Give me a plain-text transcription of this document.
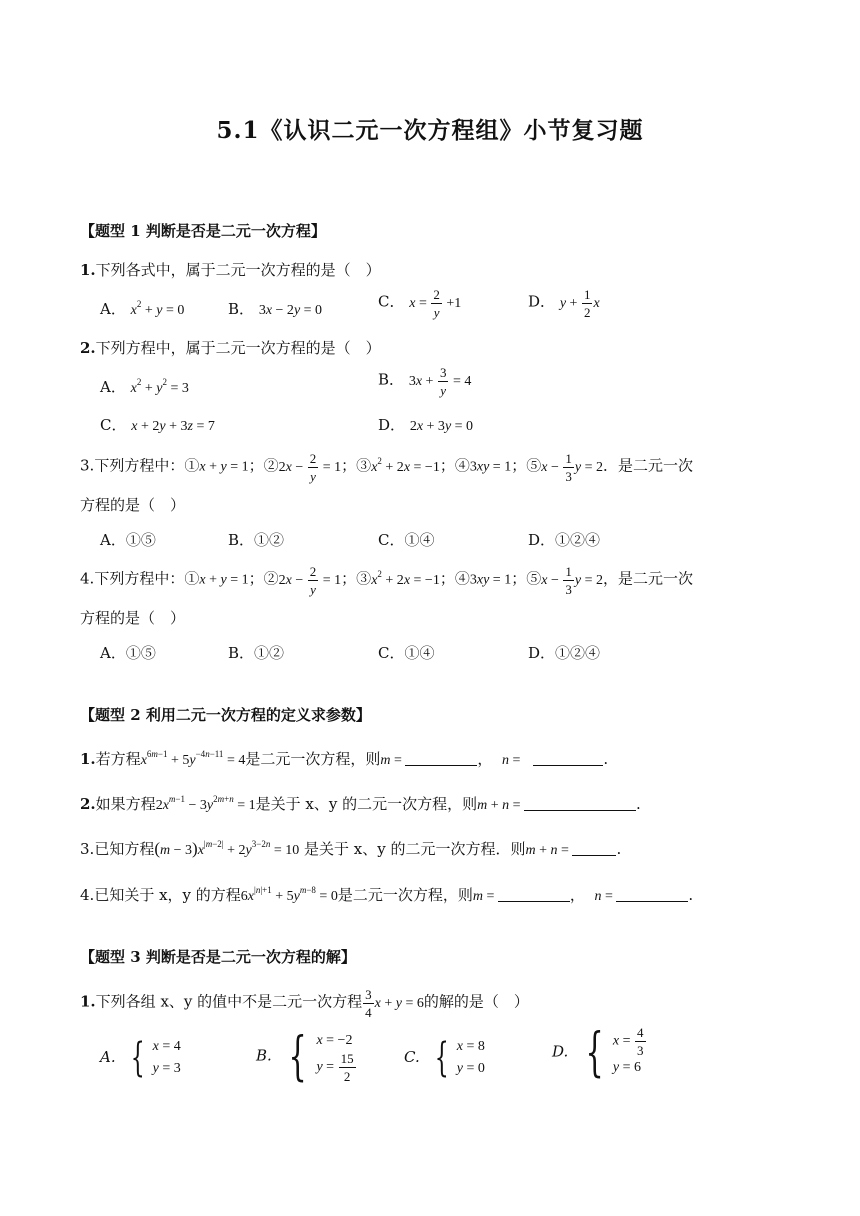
5.1《认识二元一次方程组》小节复习题
【题型 1 判断是否是二元一次方程】
1.下列各式中，属于二元一次方程的是（　）
A． $x^2 + y = 0$	B． 3x − 2y = 0	C． $x = \frac{2}{y} +1$	D． $y + \frac{1}{2}$ x
2.下列方程中，属于二元一次方程的是（　）
A． $x^2 + y^2 = 3$	B． $3x + \frac{3}{y} = 4$
C． x + 2y + 3z = 7	D． 2x + 3y = 0
3.下列方程中：①x + y = 1；②2x − $\frac{2}{y} = 1$；$③x^2 + 2x = -1$；④3xy = 1；⑤x − $\frac{1}{3}$ y = 2．是二元一次
方程的是（　）
A．①⑤	B．①②	C．①④	D．①②④
4.下列方程中：①x + y = 1；②2x − $\frac{2}{y} = 1$；$③x^2 + 2x = -1$；④3xy = 1；⑤x − $\frac{1}{3}$ y = 2，是二元一次
方程的是（　）
A．①⑤	B．①②	C．①④	D．①②④
【题型 2 利用二元一次方程的定义求参数】
1.若方程$x^{6m-1} + 5y^{-4n-11} = 4$是二元一次方程，则m =	， n =	.
2.如果方程$2x^{m-1} - 3y^{2m+n} = 1$是关于 x、y 的二元一次方程，则m + n =	.
3.已知方程$(m - 3)x^{|m-2|} + 2y^{3-2n} = 10$ 是关于 x、y 的二元一次方程．则m + n =	.
4.已知关于 x，y 的方程$6x^{|n|+1} + 5y^{m-8} = 0$是二元一次方程，则m =	， n =	.
【题型 3 判断是否是二元一次方程的解】
1.下列各组 x、y 的值中不是二元一次方程 $\frac{3}{4}$ x + y = 6的解的是（　）
A. { x = 4
y = 3
B. { x = −2
$y = \frac{15}{2}$	C. { x = 8
y = 0
D. { $x = \frac{4}{3}$
y = 6
